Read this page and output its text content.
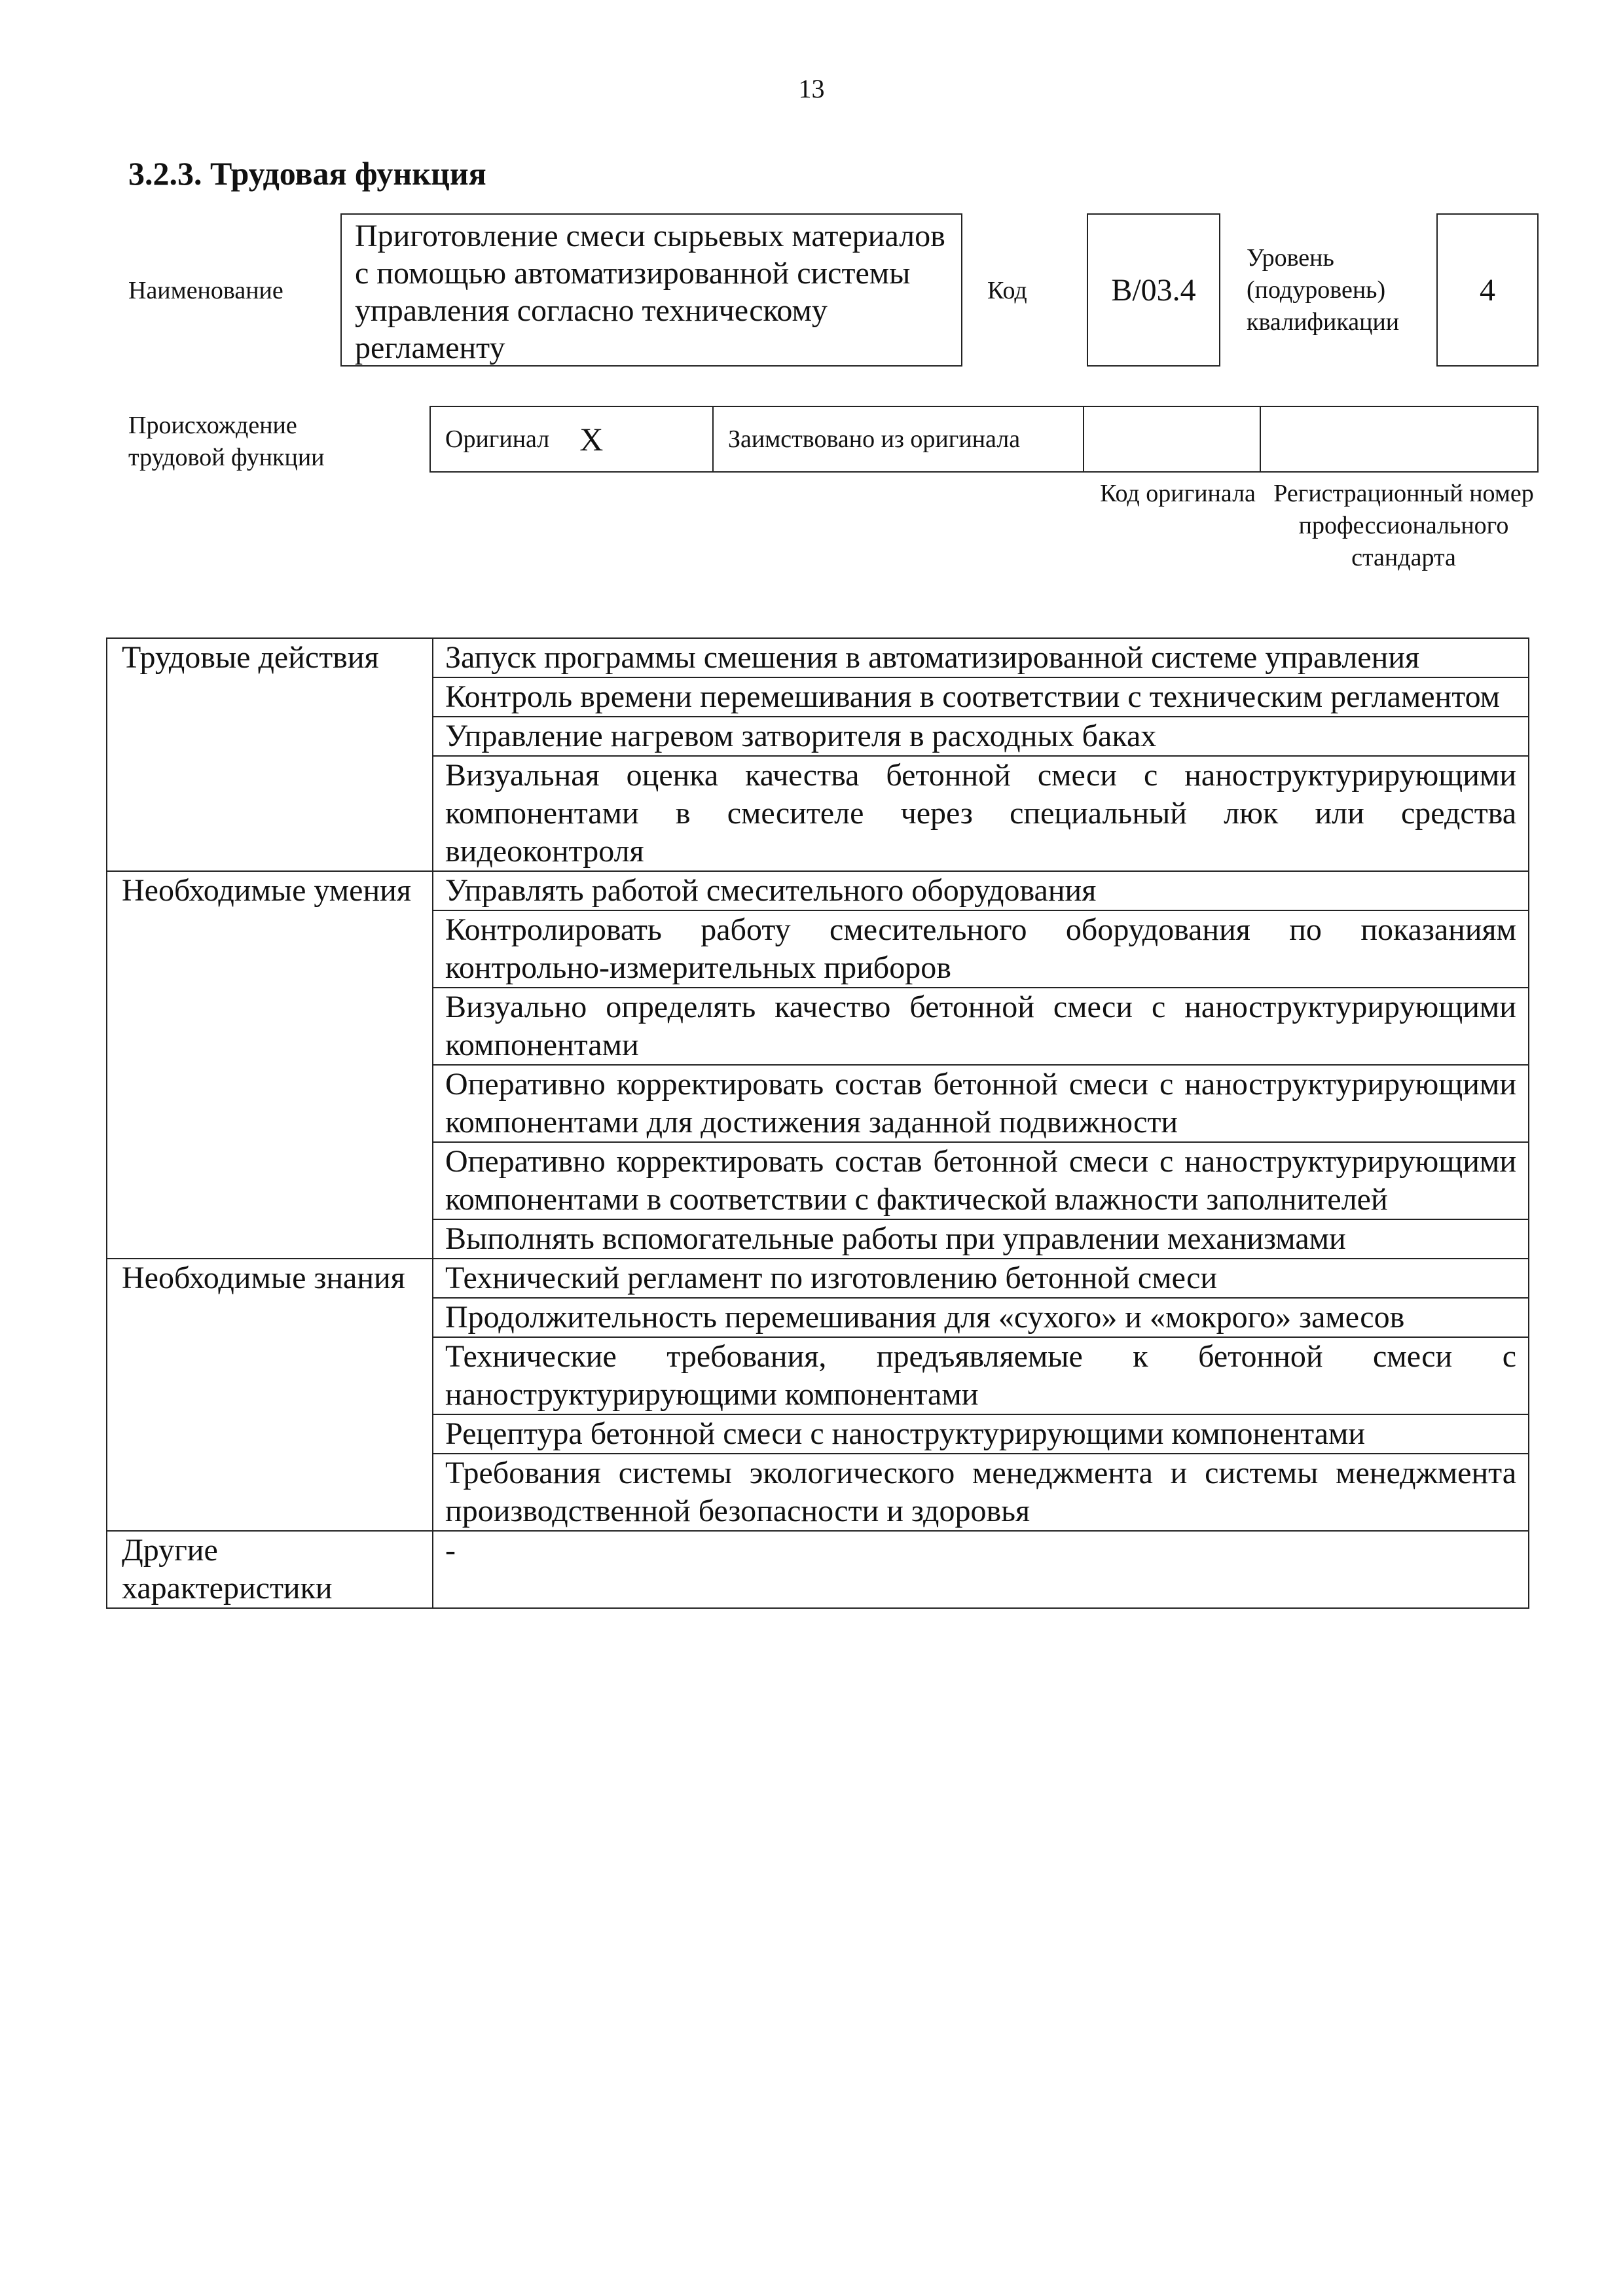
13
3.2.3. Трудовая функция
Наименование
Приготовление смеси сырьевых материалов с помощью автоматизированной системы управления согласно техническому регламенту
Код	B/03.4
Уровень (подуровень) квалификации
4
Происхождение трудовой функции
Оригинал X	Заимствовано из оригинала
Код оригинала Регистрационный номер профессионального стандарта
Трудовые действия	Запуск программы смешения в автоматизированной системе управления
	Контроль времени перемешивания в соответствии с техническим регламентом
	Управление нагревом затворителя в расходных баках
	Визуальная оценка качества бетонной смеси с наноструктурирующими компонентами в смесителе через специальный люк или средства видеоконтроля
Необходимые умения	Управлять работой смесительного оборудования
	Контролировать работу смесительного оборудования по показаниям контрольно-измерительных приборов
	Визуально определять качество бетонной смеси с наноструктурирующими компонентами
	Оперативно корректировать состав бетонной смеси с наноструктурирующими компонентами для достижения заданной подвижности
	Оперативно корректировать состав бетонной смеси с наноструктурирующими компонентами в соответствии с фактической влажности заполнителей
	Выполнять вспомогательные работы при управлении механизмами
Необходимые знания	Технический регламент по изготовлению бетонной смеси
	Продолжительность перемешивания для «сухого» и «мокрого» замесов
	Технические требования, предъявляемые к бетонной смеси с наноструктурирующими компонентами
	Рецептура бетонной смеси с наноструктурирующими компонентами
	Требования системы экологического менеджмента и системы менеджмента производственной безопасности и здоровья
Другие характеристики	-
